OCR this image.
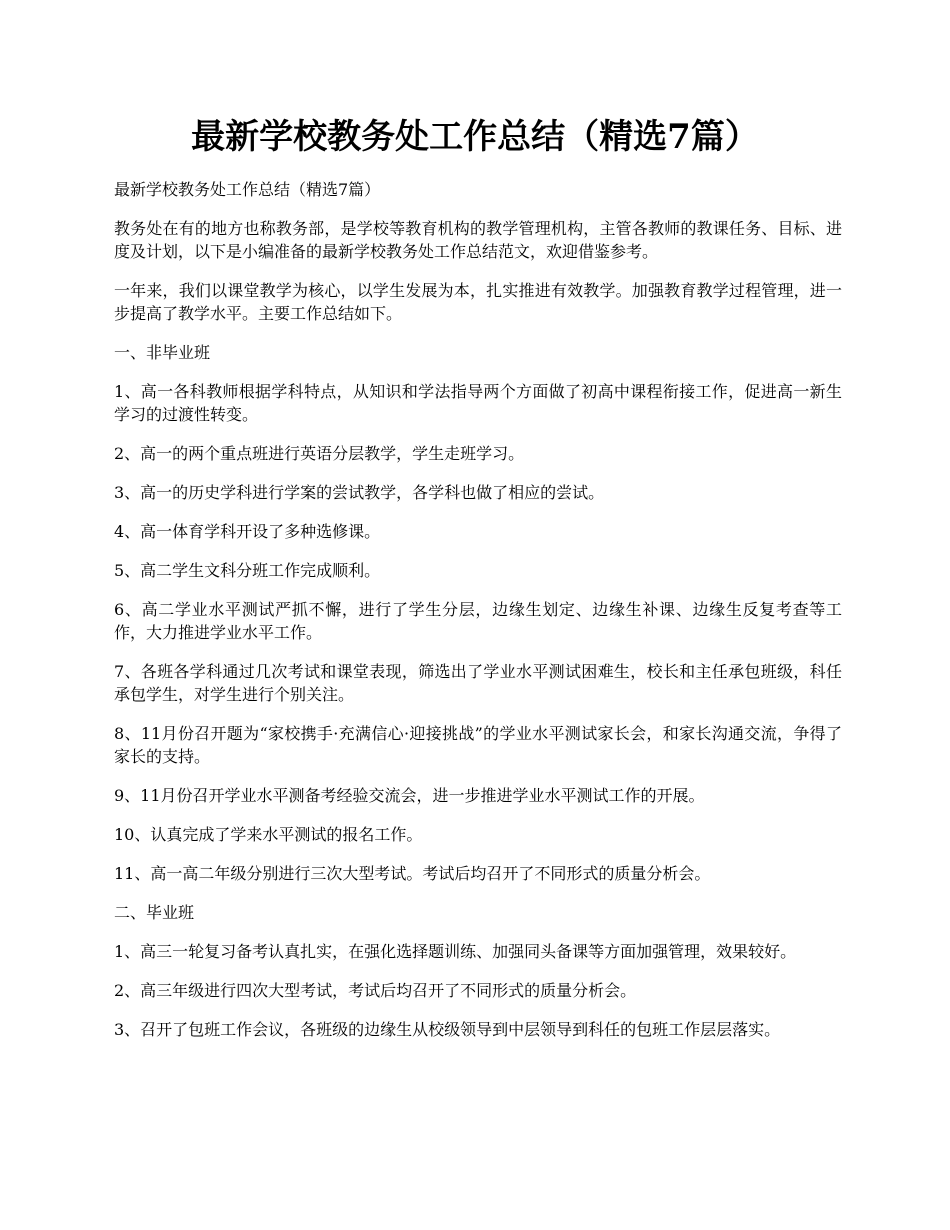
最新学校教务处工作总结（精选7篇）

最新学校教务处工作总结（精选7篇）

教务处在有的地方也称教务部，是学校等教育机构的教学管理机构，主管各教师的教课任务、目标、进度及计划，以下是小编准备的最新学校教务处工作总结范文，欢迎借鉴参考。

一年来，我们以课堂教学为核心，以学生发展为本，扎实推进有效教学。加强教育教学过程管理，进一步提高了教学水平。主要工作总结如下。

一、非毕业班

1、高一各科教师根据学科特点，从知识和学法指导两个方面做了初高中课程衔接工作，促进高一新生学习的过渡性转变。

2、高一的两个重点班进行英语分层教学，学生走班学习。

3、高一的历史学科进行学案的尝试教学，各学科也做了相应的尝试。

4、高一体育学科开设了多种选修课。

5、高二学生文科分班工作完成顺利。

6、高二学业水平测试严抓不懈，进行了学生分层，边缘生划定、边缘生补课、边缘生反复考查等工作，大力推进学业水平工作。

7、各班各学科通过几次考试和课堂表现，筛选出了学业水平测试困难生，校长和主任承包班级，科任承包学生，对学生进行个别关注。

8、11月份召开题为“家校携手·充满信心·迎接挑战”的学业水平测试家长会，和家长沟通交流，争得了家长的支持。

9、11月份召开学业水平测备考经验交流会，进一步推进学业水平测试工作的开展。

10、认真完成了学来水平测试的报名工作。

11、高一高二年级分别进行三次大型考试。考试后均召开了不同形式的质量分析会。

二、毕业班

1、高三一轮复习备考认真扎实，在强化选择题训练、加强同头备课等方面加强管理，效果较好。

2、高三年级进行四次大型考试，考试后均召开了不同形式的质量分析会。

3、召开了包班工作会议，各班级的边缘生从校级领导到中层领导到科任的包班工作层层落实。
